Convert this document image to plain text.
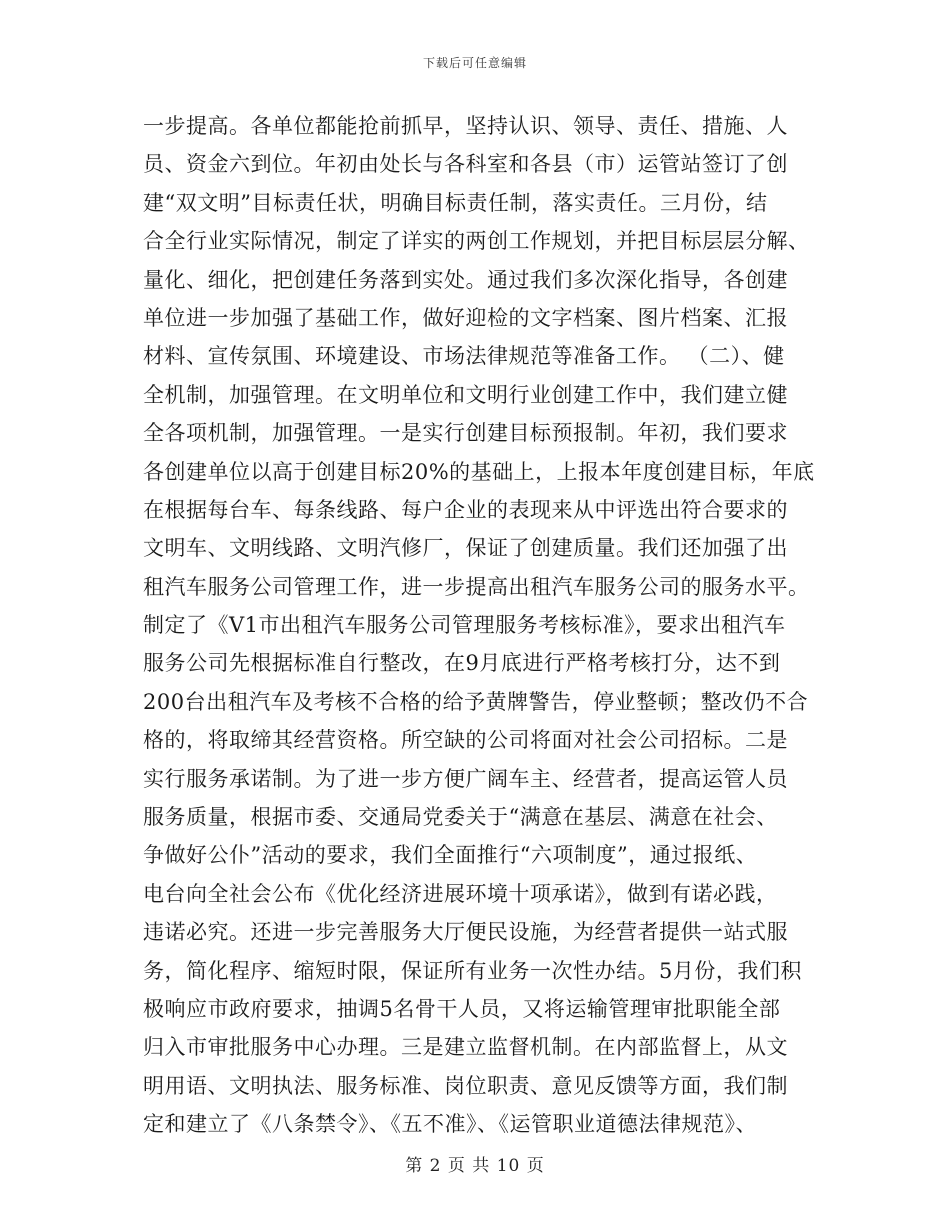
下载后可任意编辑
一步提高。各单位都能抢前抓早，坚持认识、领导、责任、措施、人
员、资金六到位。年初由处长与各科室和各县（市）运管站签订了创
建“双文明”目标责任状，明确目标责任制，落实责任。三月份，结
合全行业实际情况，制定了详实的两创工作规划，并把目标层层分解、
量化、细化，把创建任务落到实处。通过我们多次深化指导，各创建
单位进一步加强了基础工作，做好迎检的文字档案、图片档案、汇报
材料、宣传氛围、环境建设、市场法律规范等准备工作。 （二）、健
全机制，加强管理。在文明单位和文明行业创建工作中，我们建立健
全各项机制，加强管理。一是实行创建目标预报制。年初，我们要求
各创建单位以高于创建目标20%的基础上，上报本年度创建目标，年底
在根据每台车、每条线路、每户企业的表现来从中评选出符合要求的
文明车、文明线路、文明汽修厂，保证了创建质量。我们还加强了出
租汽车服务公司管理工作，进一步提高出租汽车服务公司的服务水平。
制定了《V1市出租汽车服务公司管理服务考核标准》，要求出租汽车
服务公司先根据标准自行整改，在9月底进行严格考核打分，达不到
200台出租汽车及考核不合格的给予黄牌警告，停业整顿；整改仍不合
格的，将取缔其经营资格。所空缺的公司将面对社会公司招标。二是
实行服务承诺制。为了进一步方便广阔车主、经营者，提高运管人员
服务质量，根据市委、交通局党委关于“满意在基层、满意在社会、
争做好公仆”活动的要求，我们全面推行“六项制度”，通过报纸、
电台向全社会公布《优化经济进展环境十项承诺》，做到有诺必践，
违诺必究。还进一步完善服务大厅便民设施，为经营者提供一站式服
务，简化程序、缩短时限，保证所有业务一次性办结。5月份，我们积
极响应市政府要求，抽调5名骨干人员，又将运输管理审批职能全部
归入市审批服务中心办理。三是建立监督机制。在内部监督上，从文
明用语、文明执法、服务标准、岗位职责、意见反馈等方面，我们制
定和建立了《八条禁令》、《五不准》、《运管职业道德法律规范》、
第 2 页 共 10 页
